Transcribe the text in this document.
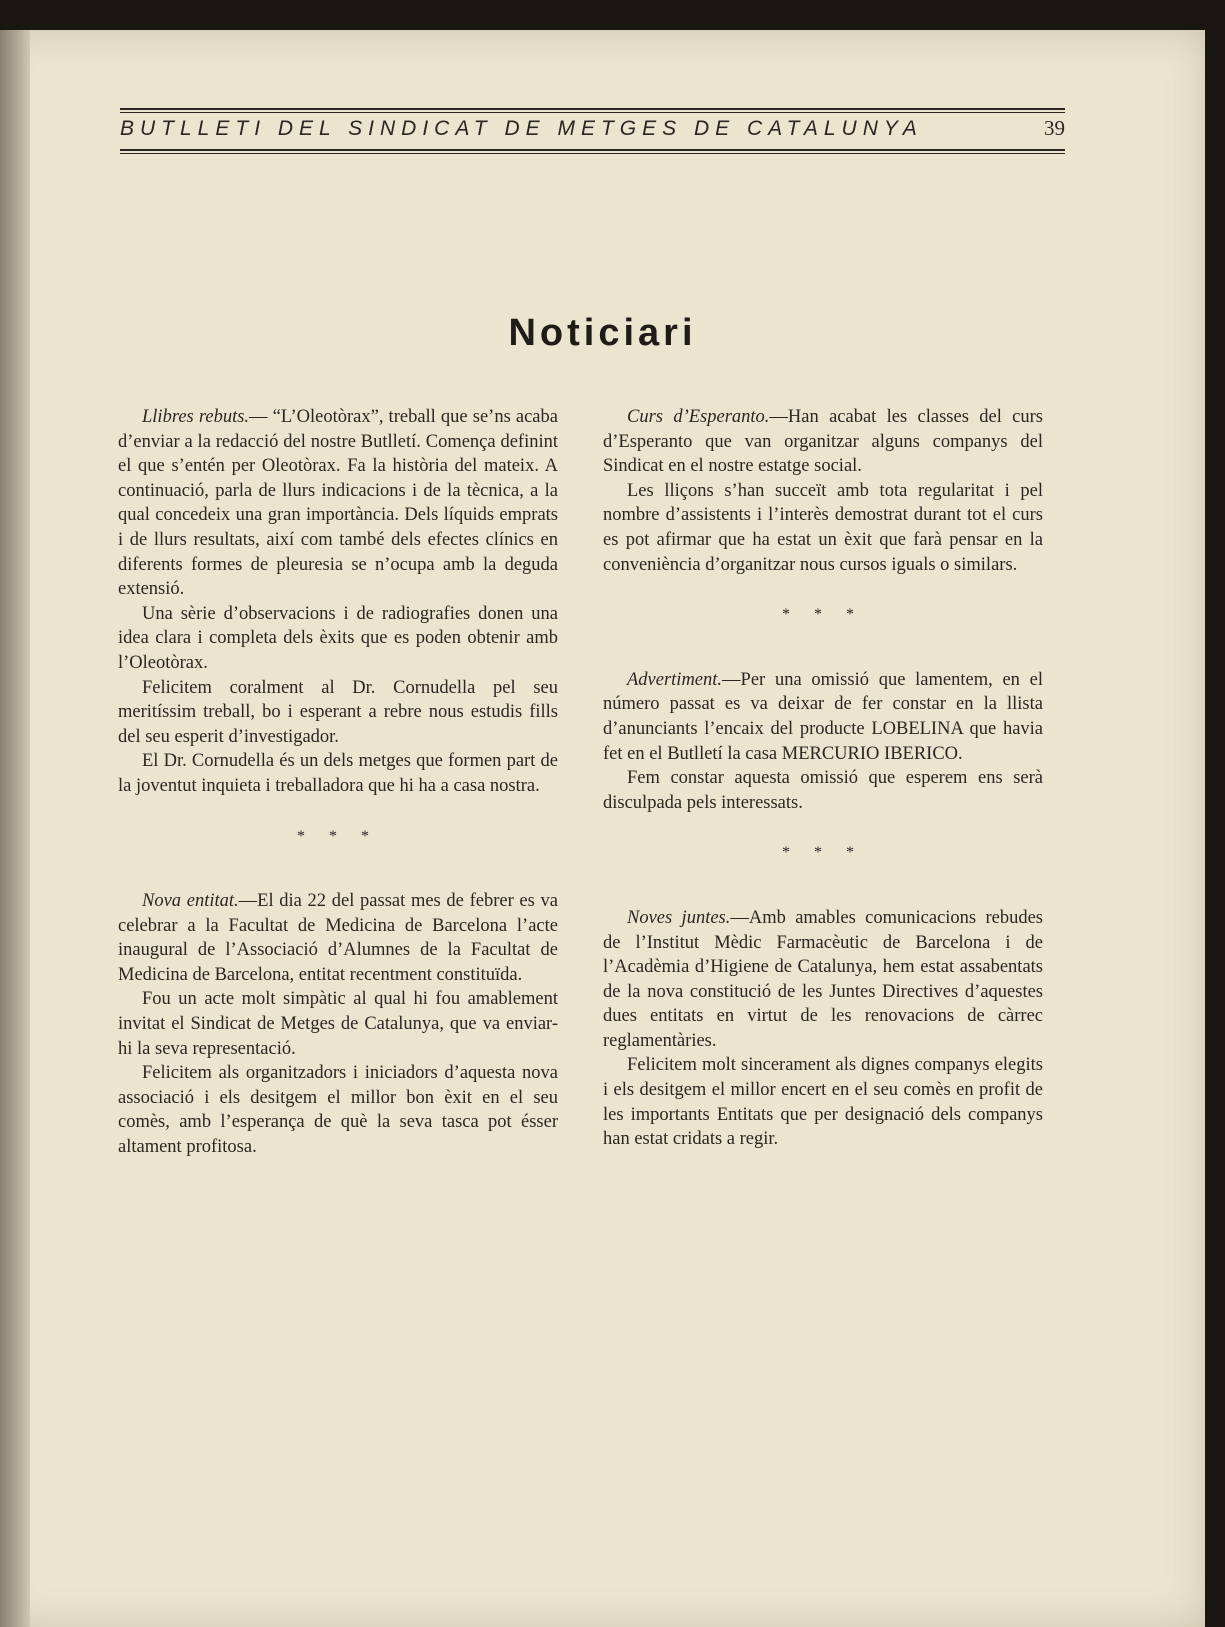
BUTLLETI DEL SINDICAT DE METGES DE CATALUNYA	39
Noticiari

Llibres rebuts.— “L’Oleotòrax”, treball que se’ns acaba d’enviar a la redacció del nostre Butlletí. Comença definint el que s’entén per Oleotòrax. Fa la història del mateix. A continuació, parla de llurs indicacions i de la tècnica, a la qual concedeix una gran importància. Dels líquids emprats i de llurs resultats, així com també dels efectes clínics en diferents formes de pleuresia se n’ocupa amb la deguda extensió.

Una sèrie d’observacions i de radiografies donen una idea clara i completa dels èxits que es poden obtenir amb l’Oleotòrax.

Felicitem coralment al Dr. Cornudella pel seu meritíssim treball, bo i esperant a rebre nous estudis fills del seu esperit d’investigador.

El Dr. Cornudella és un dels metges que formen part de la joventut inquieta i treballadora que hi ha a casa nostra.

* * *

Nova entitat.—El dia 22 del passat mes de febrer es va celebrar a la Facultat de Medicina de Barcelona l’acte inaugural de l’Associació d’Alumnes de la Facultat de Medicina de Barcelona, entitat recentment constituïda.

Fou un acte molt simpàtic al qual hi fou amablement invitat el Sindicat de Metges de Catalunya, que va enviar-hi la seva representació.

Felicitem als organitzadors i iniciadors d’aquesta nova associació i els desitgem el millor bon èxit en el seu comès, amb l’esperança de què la seva tasca pot ésser altament profitosa.

Curs d’Esperanto.—Han acabat les classes del curs d’Esperanto que van organitzar alguns companys del Sindicat en el nostre estatge social.

Les lliçons s’han succeït amb tota regularitat i pel nombre d’assistents i l’interès demostrat durant tot el curs es pot afirmar que ha estat un èxit que farà pensar en la conveniència d’organitzar nous cursos iguals o similars.

* * *

Advertiment.—Per una omissió que lamentem, en el número passat es va deixar de fer constar en la llista d’anunciants l’encaix del producte LOBELINA que havia fet en el Butlletí la casa MERCURIO IBERICO.

Fem constar aquesta omissió que esperem ens serà disculpada pels interessats.

* * *

Noves juntes.—Amb amables comunicacions rebudes de l’Institut Mèdic Farmacèutic de Barcelona i de l’Acadèmia d’Higiene de Catalunya, hem estat assabentats de la nova constitució de les Juntes Directives d’aquestes dues entitats en virtut de les renovacions de càrrec reglamentàries.

Felicitem molt sincerament als dignes companys elegits i els desitgem el millor encert en el seu comès en profit de les importants Entitats que per designació dels companys han estat cridats a regir.
